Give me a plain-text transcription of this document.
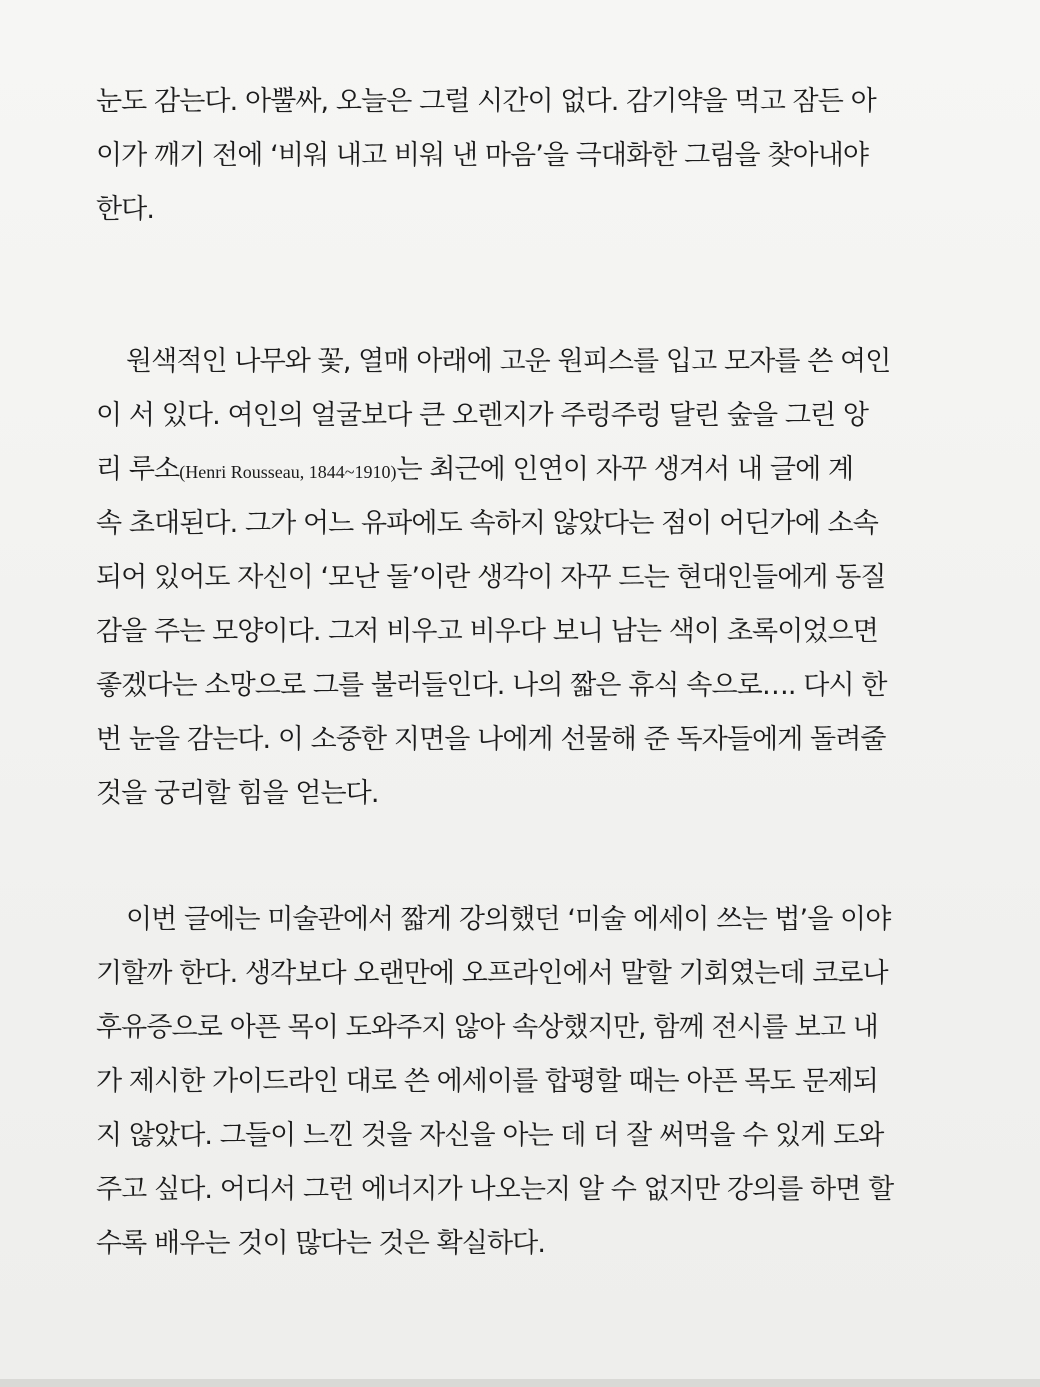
눈도 감는다. 아뿔싸, 오늘은 그럴 시간이 없다. 감기약을 먹고 잠든 아
이가 깨기 전에 ‘비워 내고 비워 낸 마음’을 극대화한 그림을 찾아내야
한다.
원색적인 나무와 꽃, 열매 아래에 고운 원피스를 입고 모자를 쓴 여인
이 서 있다. 여인의 얼굴보다 큰 오렌지가 주렁주렁 달린 숲을 그린 앙
리 루소(Henri Rousseau, 1844~1910)는 최근에 인연이 자꾸 생겨서 내 글에 계
속 초대된다. 그가 어느 유파에도 속하지 않았다는 점이 어딘가에 소속
되어 있어도 자신이 ‘모난 돌’이란 생각이 자꾸 드는 현대인들에게 동질
감을 주는 모양이다. 그저 비우고 비우다 보니 남는 색이 초록이었으면
좋겠다는 소망으로 그를 불러들인다. 나의 짧은 휴식 속으로…. 다시 한
번 눈을 감는다. 이 소중한 지면을 나에게 선물해 준 독자들에게 돌려줄
것을 궁리할 힘을 얻는다.
이번 글에는 미술관에서 짧게 강의했던 ‘미술 에세이 쓰는 법’을 이야
기할까 한다. 생각보다 오랜만에 오프라인에서 말할 기회였는데 코로나
후유증으로 아픈 목이 도와주지 않아 속상했지만, 함께 전시를 보고 내
가 제시한 가이드라인 대로 쓴 에세이를 합평할 때는 아픈 목도 문제되
지 않았다. 그들이 느낀 것을 자신을 아는 데 더 잘 써먹을 수 있게 도와
주고 싶다. 어디서 그런 에너지가 나오는지 알 수 없지만 강의를 하면 할
수록 배우는 것이 많다는 것은 확실하다.
